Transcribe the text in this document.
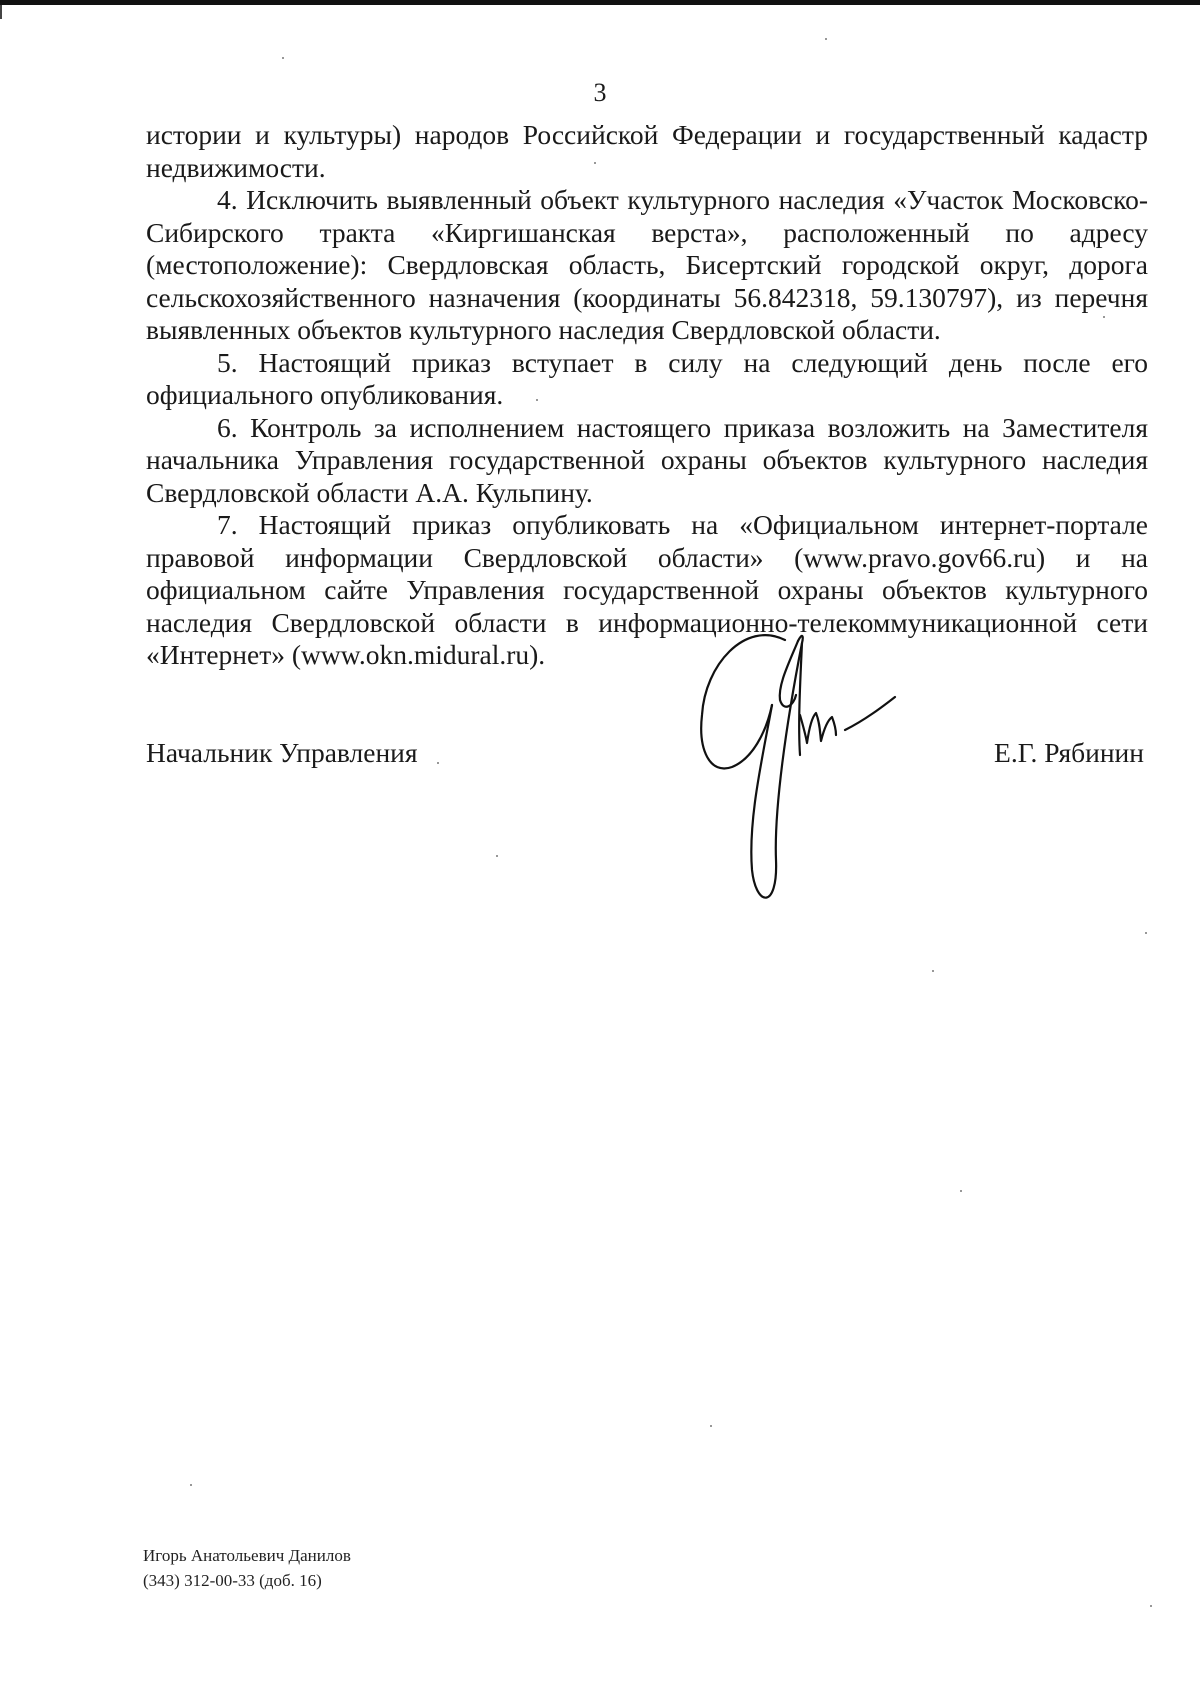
3

истории и культуры) народов Российской Федерации и государственный кадастр недвижимости.

4. Исключить выявленный объект культурного наследия «Участок Московско-Сибирского тракта «Киргишанская верста», расположенный по адресу (местоположение): Свердловская область, Бисертский городской округ, дорога сельскохозяйственного назначения (координаты 56.842318, 59.130797), из перечня выявленных объектов культурного наследия Свердловской области.

5. Настоящий приказ вступает в силу на следующий день после его официального опубликования.

6. Контроль за исполнением настоящего приказа возложить на Заместителя начальника Управления государственной охраны объектов культурного наследия Свердловской области А.А. Кульпину.

7. Настоящий приказ опубликовать на «Официальном интернет-портале правовой информации Свердловской области» (www.pravo.gov66.ru) и на официальном сайте Управления государственной охраны объектов культурного наследия Свердловской области в информационно-телекоммуникационной сети «Интернет» (www.okn.midural.ru).

Начальник Управления	Е.Г. Рябинин
Игорь Анатольевич Данилов
(343) 312-00-33 (доб. 16)
